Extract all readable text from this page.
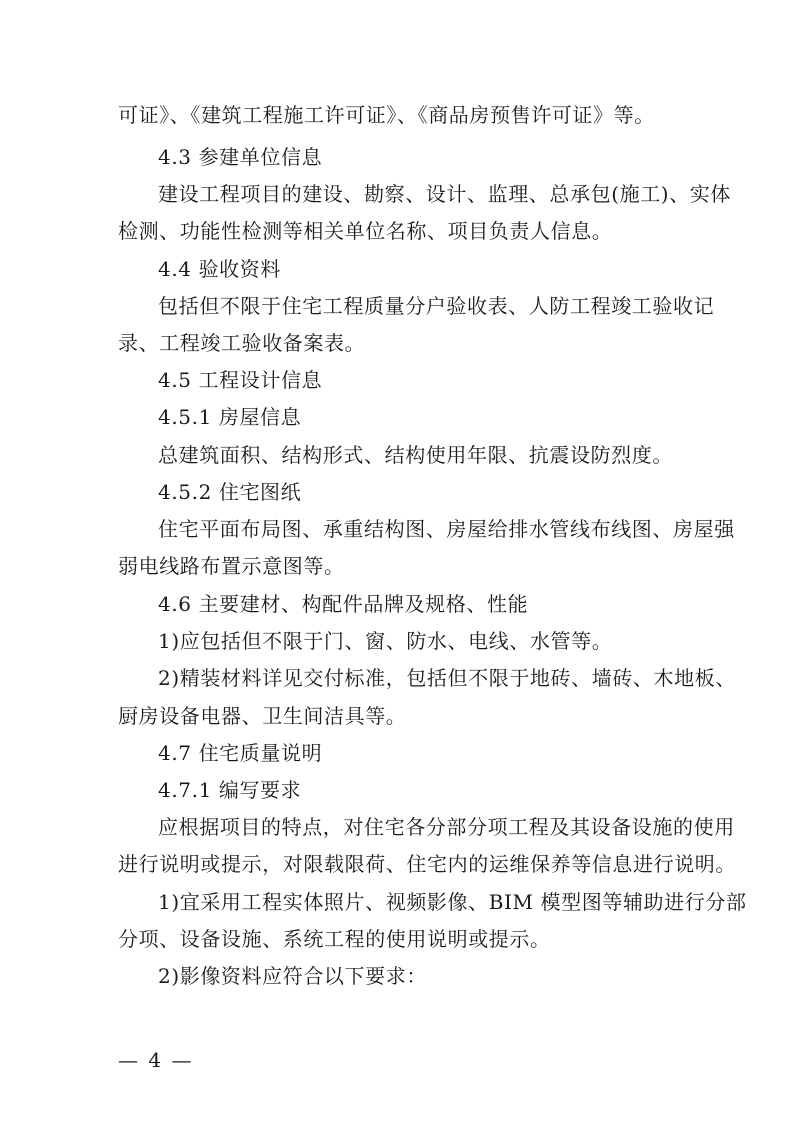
可证》、《建筑工程施工许可证》、《商品房预售许可证》等。
4.3 参建单位信息
建设工程项目的建设、勘察、设计、监理、总承包(施工)、实体
检测、功能性检测等相关单位名称、项目负责人信息。
4.4 验收资料
包括但不限于住宅工程质量分户验收表、人防工程竣工验收记
录、工程竣工验收备案表。
4.5 工程设计信息
4.5.1 房屋信息
总建筑面积、结构形式、结构使用年限、抗震设防烈度。
4.5.2 住宅图纸
住宅平面布局图、承重结构图、房屋给排水管线布线图、房屋强
弱电线路布置示意图等。
4.6 主要建材、构配件品牌及规格、性能
1)应包括但不限于门、窗、防水、电线、水管等。
2)精装材料详见交付标准，包括但不限于地砖、墙砖、木地板、
厨房设备电器、卫生间洁具等。
4.7 住宅质量说明
4.7.1 编写要求
应根据项目的特点，对住宅各分部分项工程及其设备设施的使用
进行说明或提示，对限载限荷、住宅内的运维保养等信息进行说明。
1)宜采用工程实体照片、视频影像、BIM 模型图等辅助进行分部
分项、设备设施、系统工程的使用说明或提示。
2)影像资料应符合以下要求：
— 4 —
